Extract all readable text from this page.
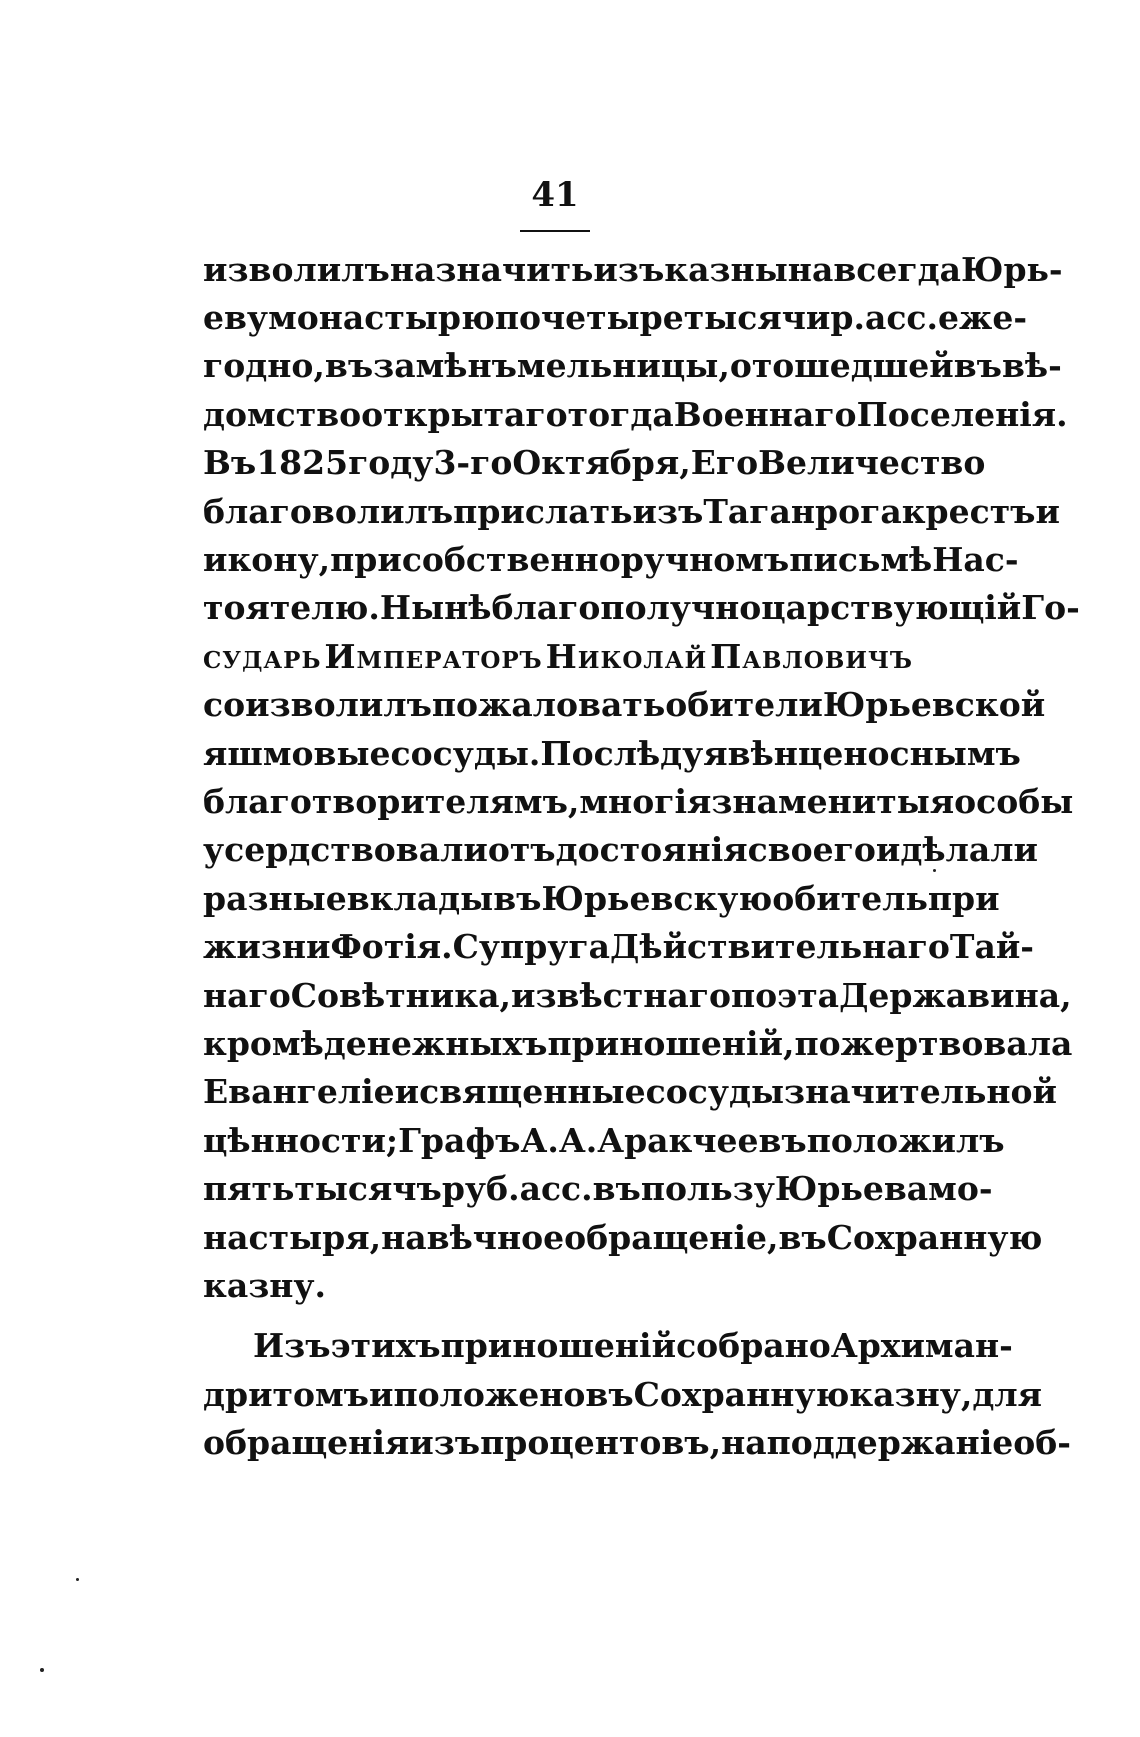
41
изволилъ назначить изъ казны на всегда Юрь-
еву монастырю по четыре тысячи р. асс. ежe-
годно, въ замѣнъ мельницы, отошедшей въ вѣ-
домство открытаго тогда Военнаго Поселенія.
Въ 1825 году 3-го Октября, Его Величество
благоволилъ прислать изъ Таганрога крестъ и
икону, при собственноручномъ письмѣ Нас-
тоятелю. Нынѣ благополучно царствующій Го-
сударь Императоръ Николай Павловичъ
соизволилъ пожаловать обители Юрьевской
яшмовые сосуды. Послѣдуя вѣнценоснымъ
благотворителямъ, многія знаменитыя особы
усердствовали отъ достоянія своего и дѣлали
разные вклады въ Юрьевскую обитель при
жизни Фотія. Супруга Дѣйствительнаго Тай-
наго Совѣтника, извѣстнаго поэта Державина,
кромѣ денежныхъ приношеній, пожертвовала
Евангеліе и священные сосуды значительной
цѣнности; Графъ А. А. Аракчеевъ положилъ
пять тысячъ руб. асс. въ пользу Юрьева мо-
настыря, на вѣчное обращеніе, въ Сохранную
казну.
Изъ этихъ приношеній собрано Архиман-
дритомъ и положено въ Сохранную казну, для
обращенія изъ процентовъ, на поддержаніе об-
